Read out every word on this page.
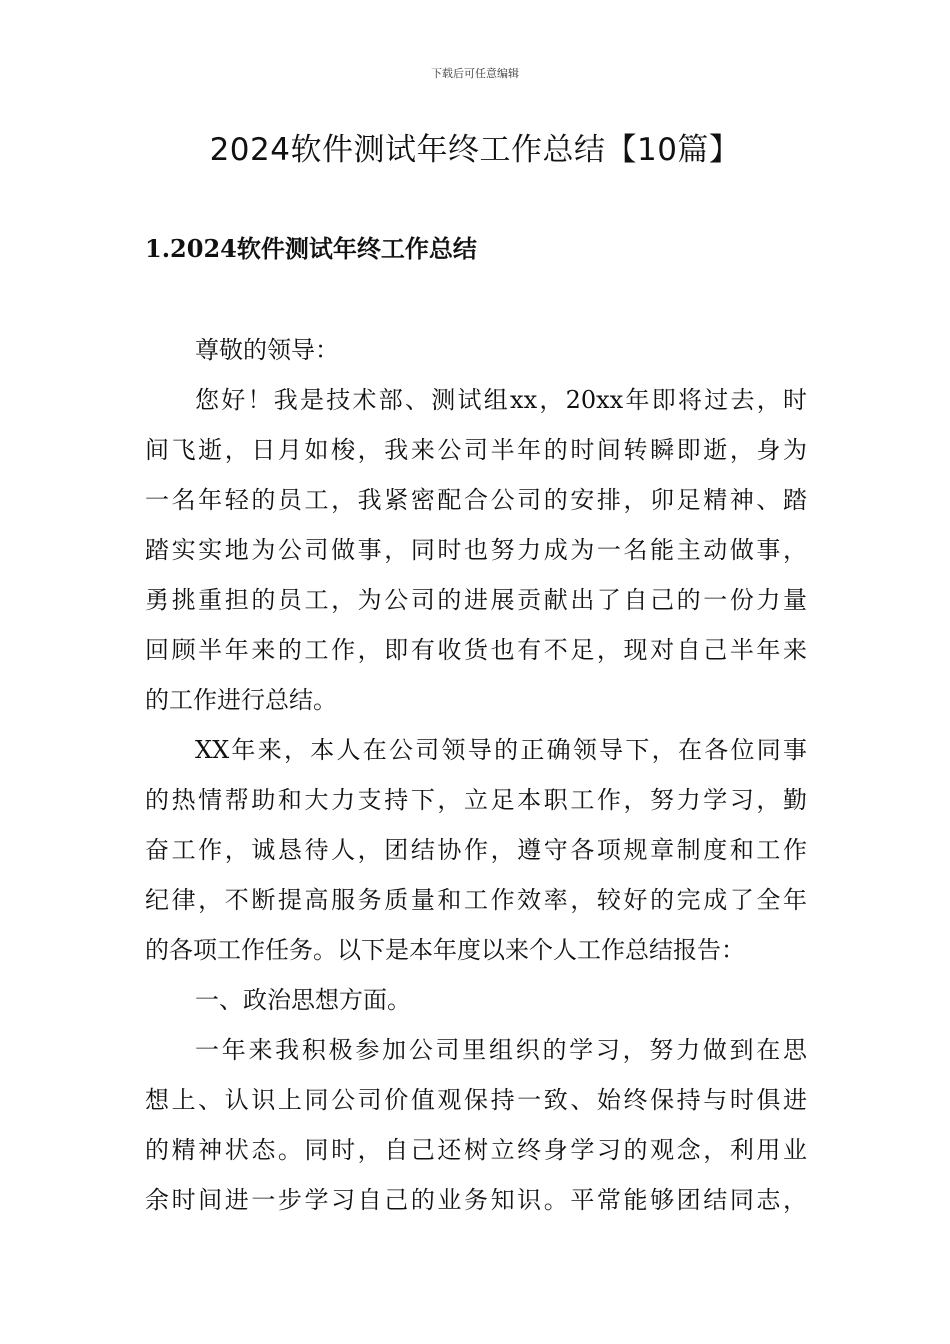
下载后可任意编辑
2024软件测试年终工作总结【10篇】
1.2024软件测试年终工作总结
尊敬的领导：
您好！我是技术部、测试组xx，20xx年即将过去，时
间飞逝，日月如梭，我来公司半年的时间转瞬即逝，身为
一名年轻的员工，我紧密配合公司的安排，卯足精神、踏
踏实实地为公司做事，同时也努力成为一名能主动做事，
勇挑重担的员工，为公司的进展贡献出了自己的一份力量
回顾半年来的工作，即有收货也有不足，现对自己半年来
的工作进行总结。
XX年来，本人在公司领导的正确领导下，在各位同事
的热情帮助和大力支持下，立足本职工作，努力学习，勤
奋工作，诚恳待人，团结协作，遵守各项规章制度和工作
纪律，不断提高服务质量和工作效率，较好的完成了全年
的各项工作任务。以下是本年度以来个人工作总结报告：
一、政治思想方面。
一年来我积极参加公司里组织的学习，努力做到在思
想上、认识上同公司价值观保持一致、始终保持与时俱进
的精神状态。同时，自己还树立终身学习的观念，利用业
余时间进一步学习自己的业务知识。平常能够团结同志，
